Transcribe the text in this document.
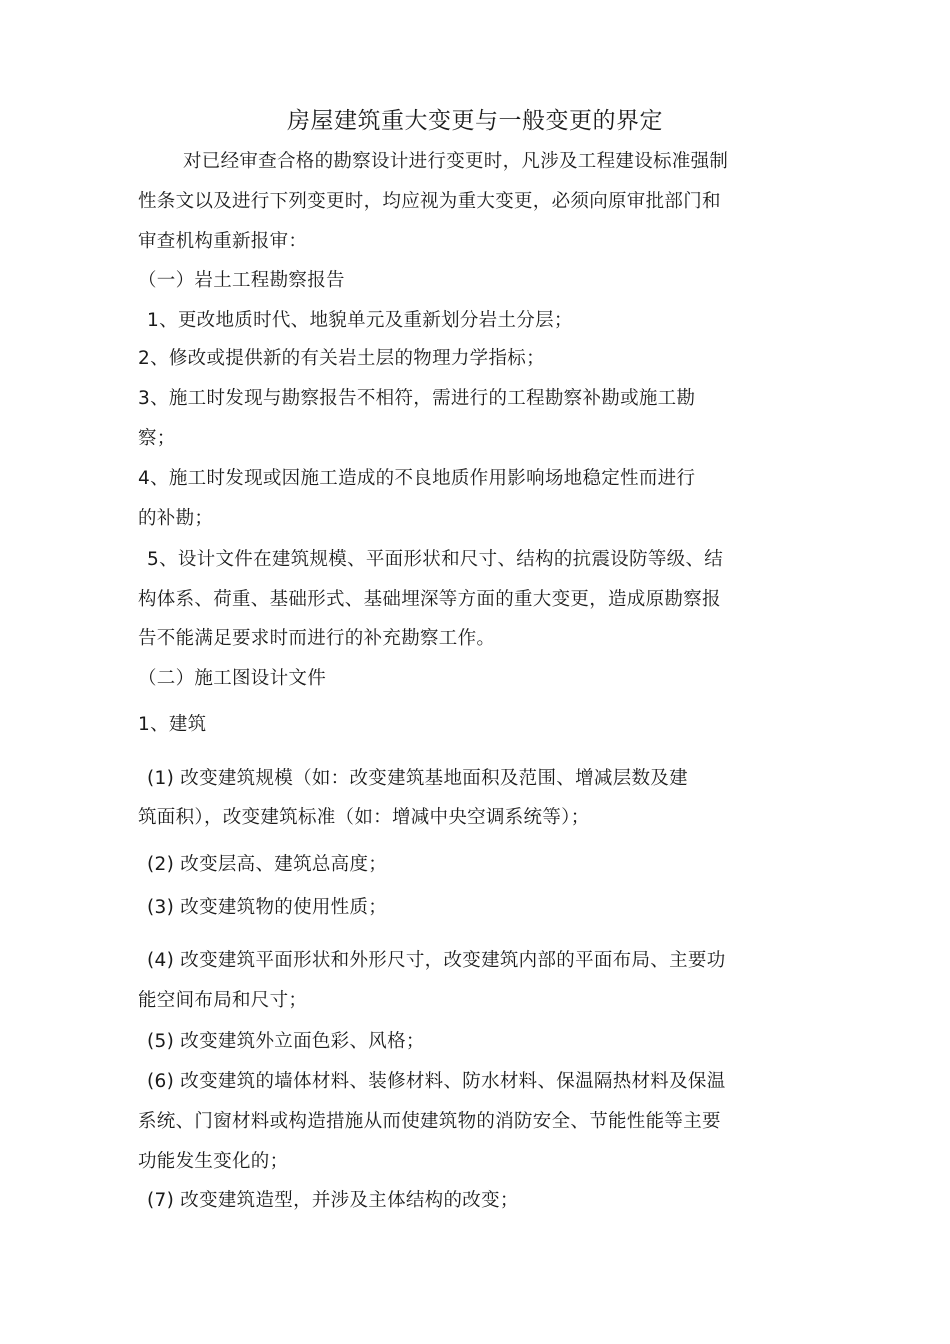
房屋建筑重大变更与一般变更的界定
对已经审查合格的勘察设计进行变更时，凡涉及工程建设标准强制
性条文以及进行下列变更时，均应视为重大变更，必须向原审批部门和
审查机构重新报审：
（一）岩土工程勘察报告
1、更改地质时代、地貌单元及重新划分岩土分层；
2、修改或提供新的有关岩土层的物理力学指标；
3、施工时发现与勘察报告不相符，需进行的工程勘察补勘或施工勘
察；
4、施工时发现或因施工造成的不良地质作用影响场地稳定性而进行
的补勘；
5、设计文件在建筑规模、平面形状和尺寸、结构的抗震设防等级、结
构体系、荷重、基础形式、基础埋深等方面的重大变更，造成原勘察报
告不能满足要求时而进行的补充勘察工作。
（二）施工图设计文件
1、建筑
(1) 改变建筑规模（如：改变建筑基地面积及范围、增减层数及建
筑面积），改变建筑标准（如：增减中央空调系统等）；
(2) 改变层高、建筑总高度；
(3) 改变建筑物的使用性质；
(4) 改变建筑平面形状和外形尺寸，改变建筑内部的平面布局、主要功
能空间布局和尺寸；
(5) 改变建筑外立面色彩、风格；
(6) 改变建筑的墙体材料、装修材料、防水材料、保温隔热材料及保温
系统、门窗材料或构造措施从而使建筑物的消防安全、节能性能等主要
功能发生变化的；
(7) 改变建筑造型，并涉及主体结构的改变；
